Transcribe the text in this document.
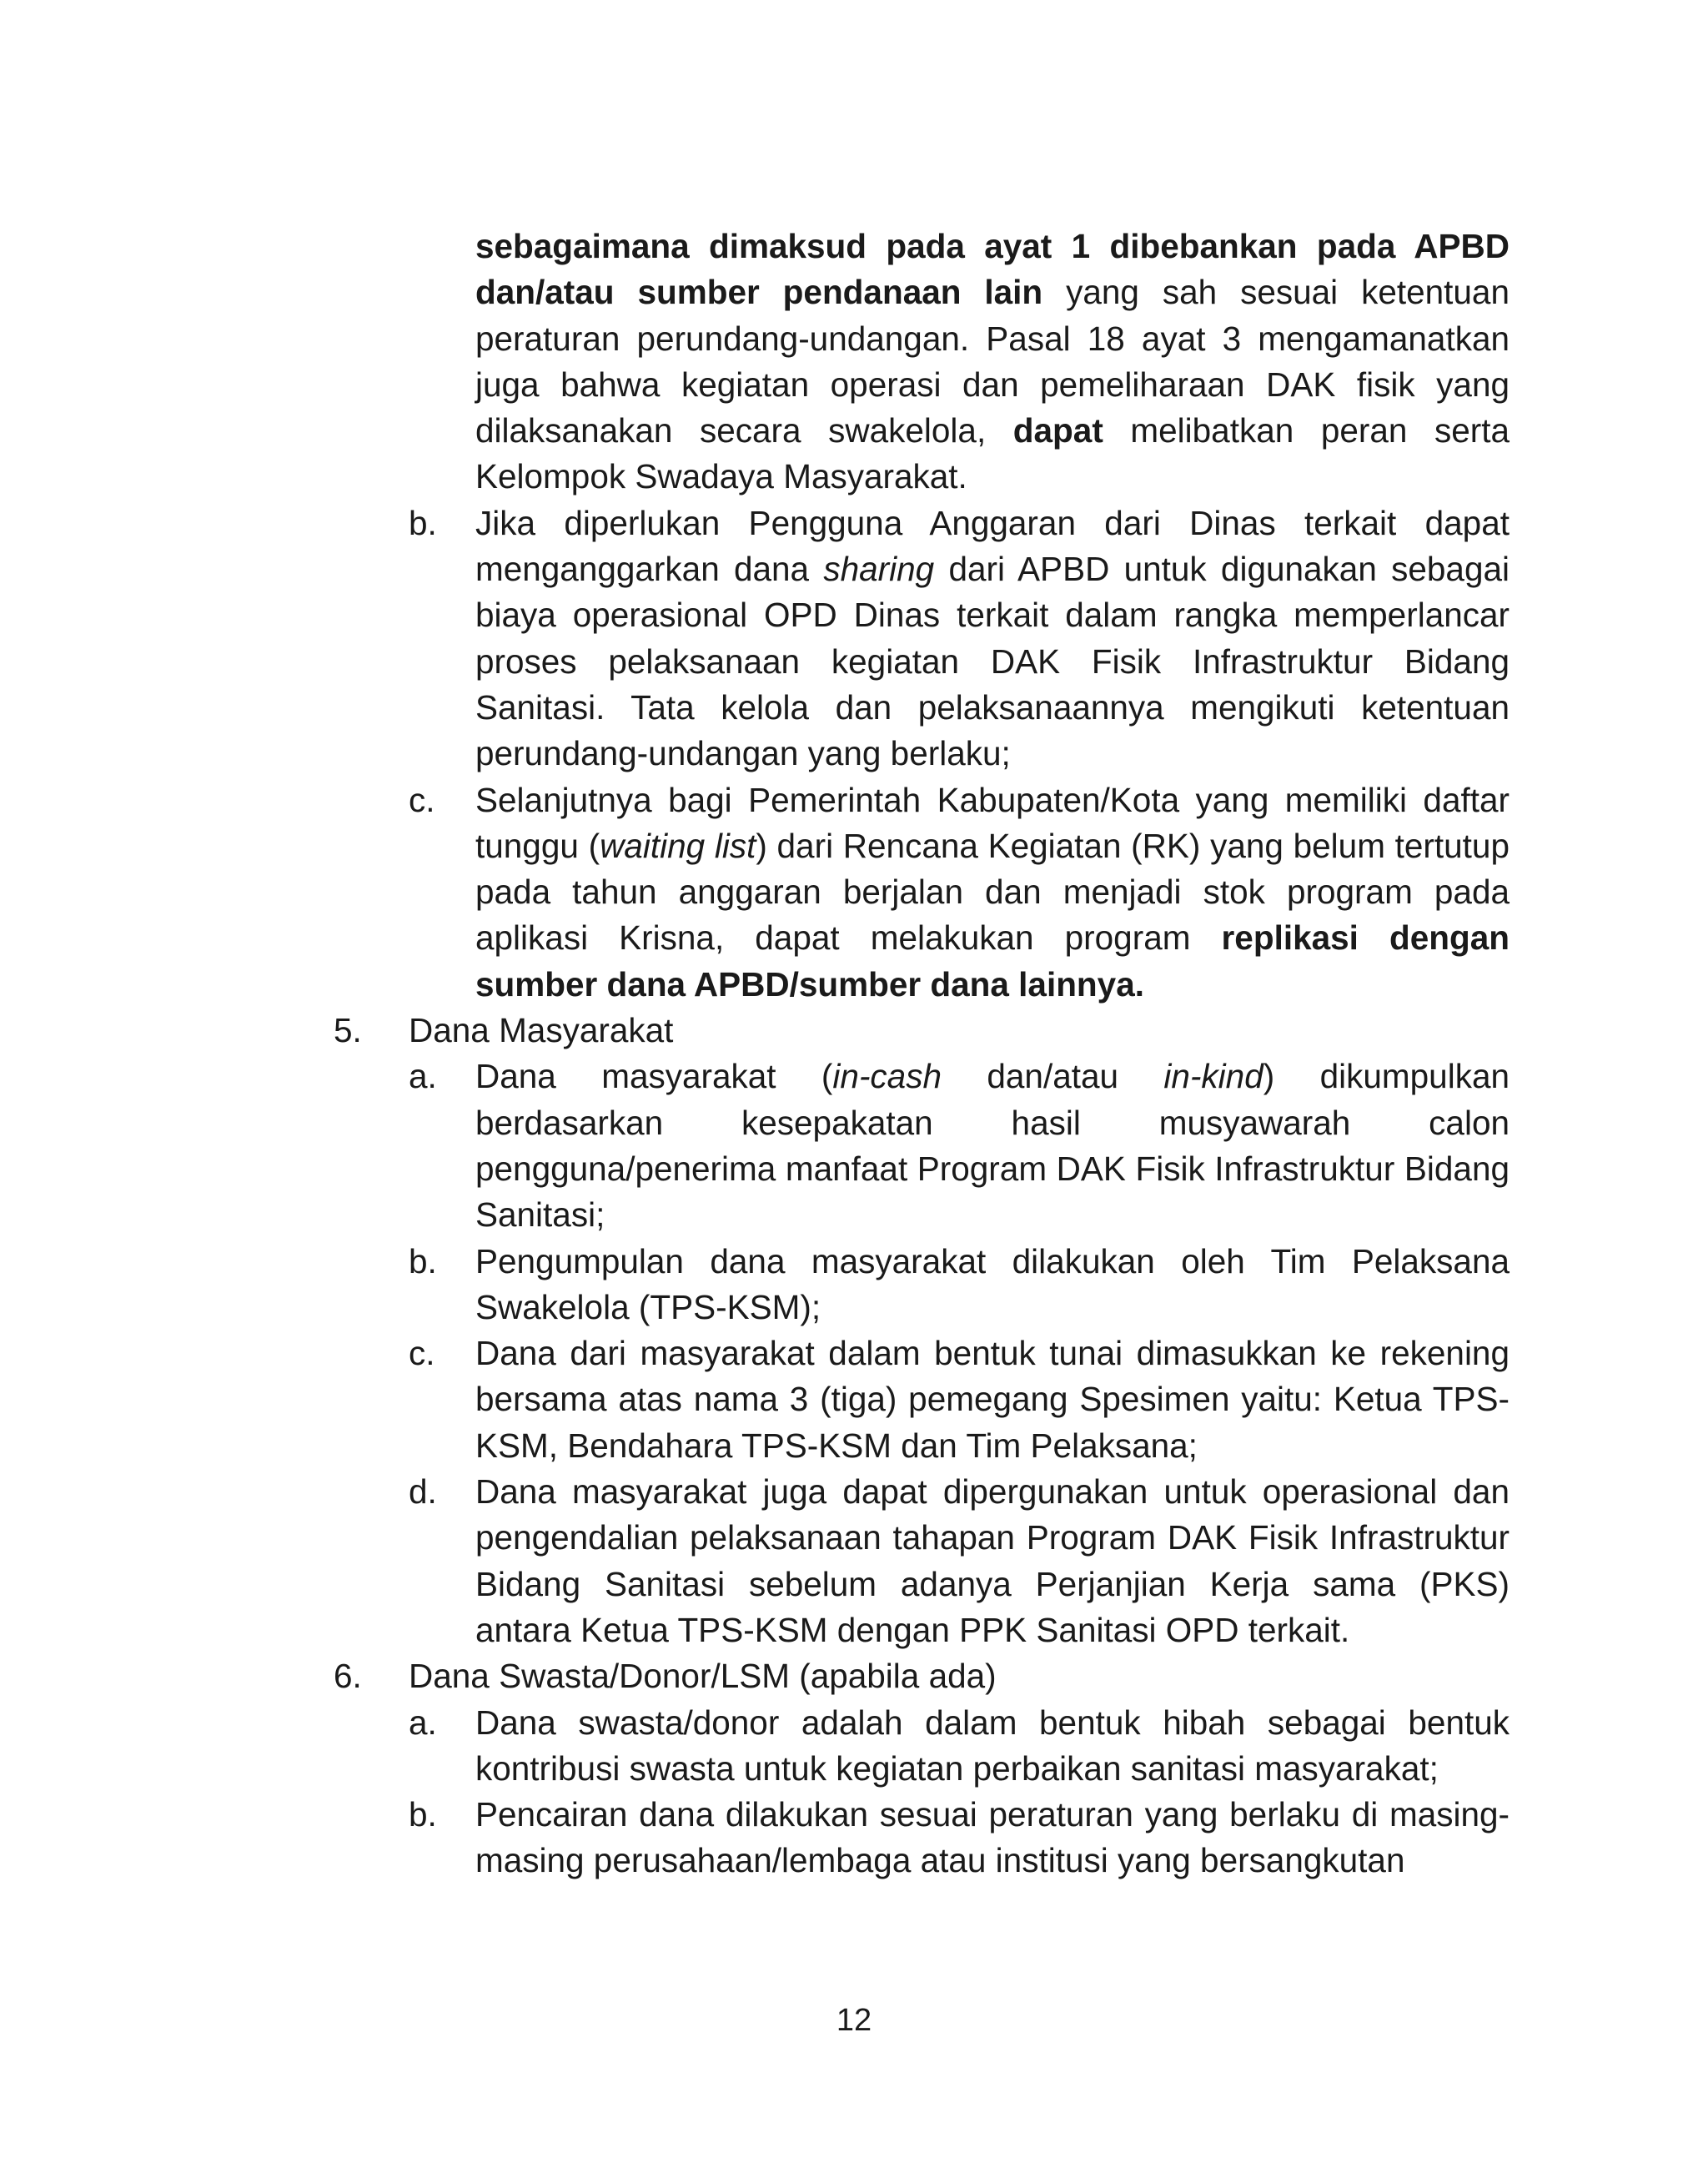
sebagaimana dimaksud pada ayat 1 dibebankan pada APBD dan/atau sumber pendanaan lain yang sah sesuai ketentuan peraturan perundang-undangan. Pasal 18 ayat 3 mengamanatkan juga bahwa kegiatan operasi dan pemeliharaan DAK fisik yang dilaksanakan secara swakelola, dapat melibatkan peran serta Kelompok Swadaya Masyarakat.
b. Jika diperlukan Pengguna Anggaran dari Dinas terkait dapat menganggarkan dana sharing dari APBD untuk digunakan sebagai biaya operasional OPD Dinas terkait dalam rangka memperlancar proses pelaksanaan kegiatan DAK Fisik Infrastruktur Bidang Sanitasi. Tata kelola dan pelaksanaannya mengikuti ketentuan perundang-undangan yang berlaku;
c. Selanjutnya bagi Pemerintah Kabupaten/Kota yang memiliki daftar tunggu (waiting list) dari Rencana Kegiatan (RK) yang belum tertutup pada tahun anggaran berjalan dan menjadi stok program pada aplikasi Krisna, dapat melakukan program replikasi dengan sumber dana APBD/sumber dana lainnya.
5. Dana Masyarakat
a. Dana masyarakat (in-cash dan/atau in-kind) dikumpulkan berdasarkan kesepakatan hasil musyawarah calon pengguna/penerima manfaat Program DAK Fisik Infrastruktur Bidang Sanitasi;
b. Pengumpulan dana masyarakat dilakukan oleh Tim Pelaksana Swakelola (TPS-KSM);
c. Dana dari masyarakat dalam bentuk tunai dimasukkan ke rekening bersama atas nama 3 (tiga) pemegang Spesimen yaitu: Ketua TPS-KSM, Bendahara TPS-KSM dan Tim Pelaksana;
d. Dana masyarakat juga dapat dipergunakan untuk operasional dan pengendalian pelaksanaan tahapan Program DAK Fisik Infrastruktur Bidang Sanitasi sebelum adanya Perjanjian Kerja sama (PKS) antara Ketua TPS-KSM dengan PPK Sanitasi OPD terkait.
6. Dana Swasta/Donor/LSM (apabila ada)
a. Dana swasta/donor adalah dalam bentuk hibah sebagai bentuk kontribusi swasta untuk kegiatan perbaikan sanitasi masyarakat;
b. Pencairan dana dilakukan sesuai peraturan yang berlaku di masing-masing perusahaan/lembaga atau institusi yang bersangkutan
12
